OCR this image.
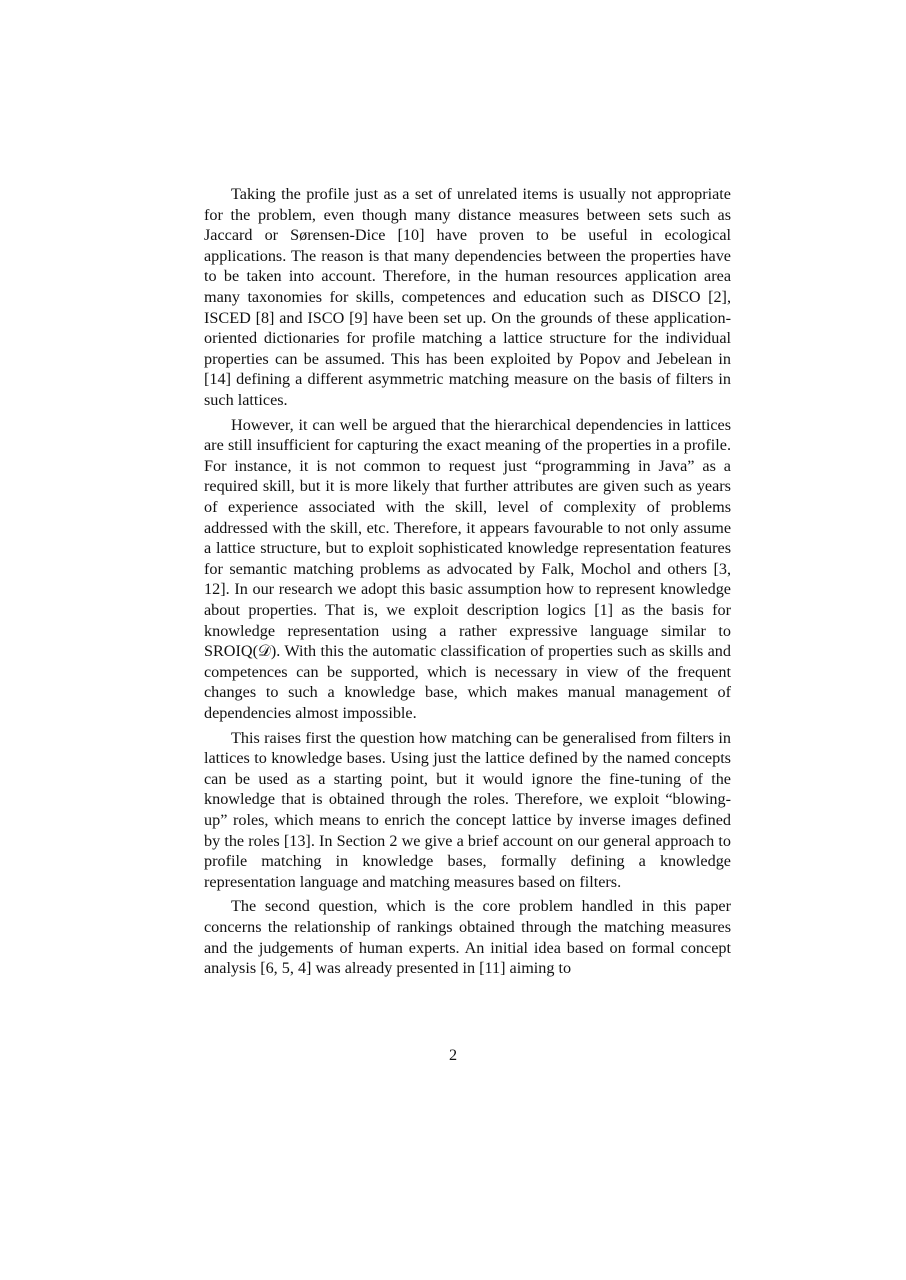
Taking the profile just as a set of unrelated items is usually not appropriate for the problem, even though many distance measures between sets such as Jaccard or Sørensen-Dice [10] have proven to be useful in ecological applications. The reason is that many dependencies between the properties have to be taken into account. Therefore, in the human resources application area many taxonomies for skills, competences and education such as DISCO [2], ISCED [8] and ISCO [9] have been set up. On the grounds of these application-oriented dictionaries for profile matching a lattice structure for the individual properties can be assumed. This has been exploited by Popov and Jebelean in [14] defining a different asymmetric matching measure on the basis of filters in such lattices.

However, it can well be argued that the hierarchical dependencies in lattices are still insufficient for capturing the exact meaning of the properties in a profile. For instance, it is not common to request just “programming in Java” as a required skill, but it is more likely that further attributes are given such as years of experience associated with the skill, level of complexity of problems addressed with the skill, etc. Therefore, it appears favourable to not only assume a lattice structure, but to exploit sophisticated knowledge representation features for semantic matching problems as advocated by Falk, Mochol and others [3, 12]. In our research we adopt this basic assumption how to represent knowledge about properties. That is, we exploit description logics [1] as the basis for knowledge representation using a rather expressive language similar to SROIQ(𝒟). With this the automatic classification of properties such as skills and competences can be supported, which is necessary in view of the frequent changes to such a knowledge base, which makes manual management of dependencies almost impossible.

This raises first the question how matching can be generalised from filters in lattices to knowledge bases. Using just the lattice defined by the named concepts can be used as a starting point, but it would ignore the fine-tuning of the knowledge that is obtained through the roles. Therefore, we exploit “blowing-up” roles, which means to enrich the concept lattice by inverse images defined by the roles [13]. In Section 2 we give a brief account on our general approach to profile matching in knowledge bases, formally defining a knowledge representation language and matching measures based on filters.

The second question, which is the core problem handled in this paper concerns the relationship of rankings obtained through the matching measures and the judgements of human experts. An initial idea based on formal concept analysis [6, 5, 4] was already presented in [11] aiming to

2
